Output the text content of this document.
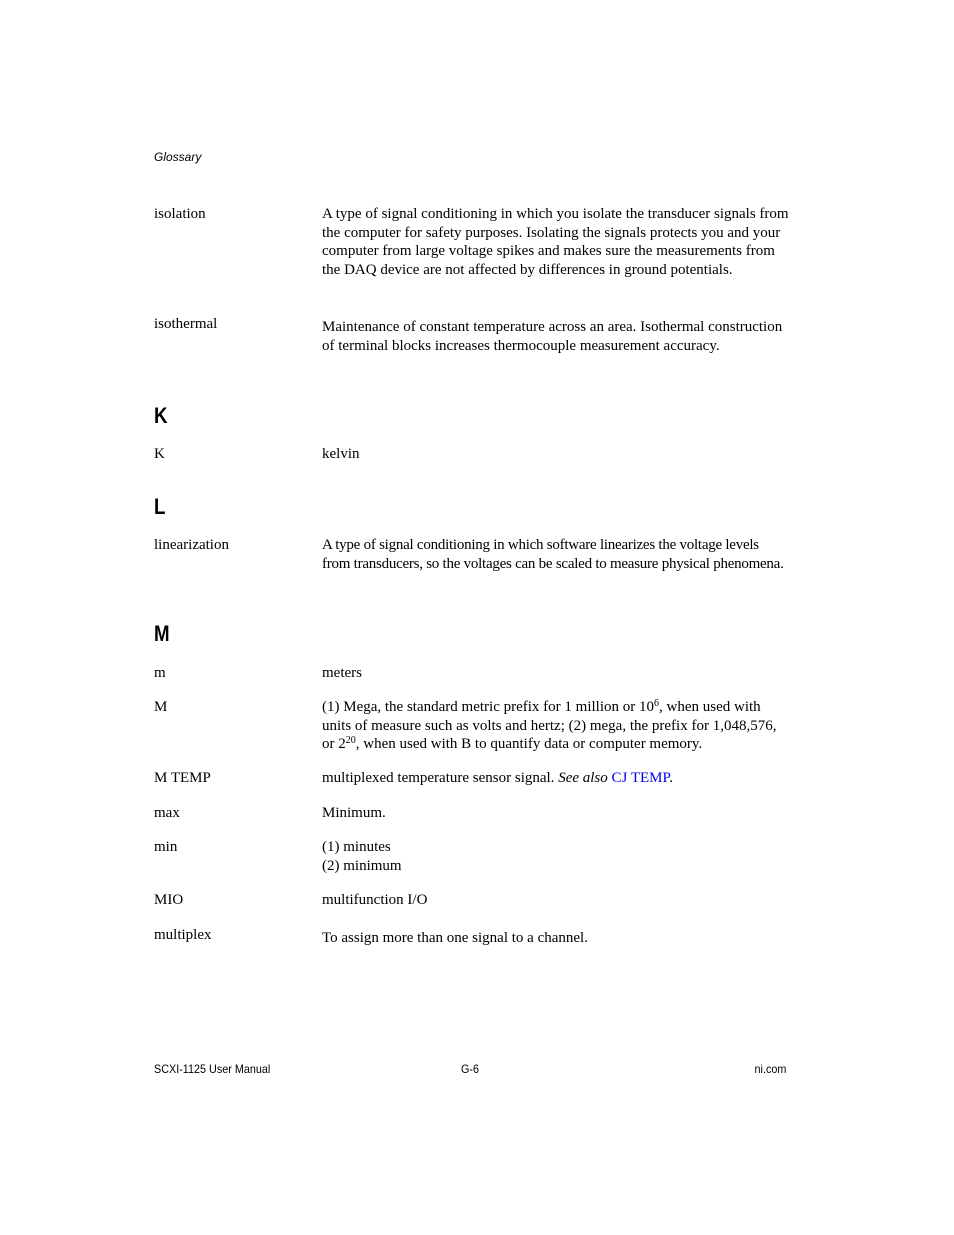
Glossary
isolation	A type of signal conditioning in which you isolate the transducer signals from the computer for safety purposes. Isolating the signals protects you and your computer from large voltage spikes and makes sure the measurements from the DAQ device are not affected by differences in ground potentials.
isothermal	Maintenance of constant temperature across an area. Isothermal construction of terminal blocks increases thermocouple measurement accuracy.
K
K	kelvin
L
linearization	A type of signal conditioning in which software linearizes the voltage levels from transducers, so the voltages can be scaled to measure physical phenomena.
M
m	meters
M	(1) Mega, the standard metric prefix for 1 million or $10^6$, when used with units of measure such as volts and hertz; (2) mega, the prefix for 1,048,576, or $2^{20}$, when used with B to quantify data or computer memory.
M TEMP	multiplexed temperature sensor signal. See also CJ TEMP.
max	Minimum.
min	(1) minutes
(2) minimum
MIO	multifunction I/O
multiplex	To assign more than one signal to a channel.
SCXI-1125 User Manual	G-6	ni.com
